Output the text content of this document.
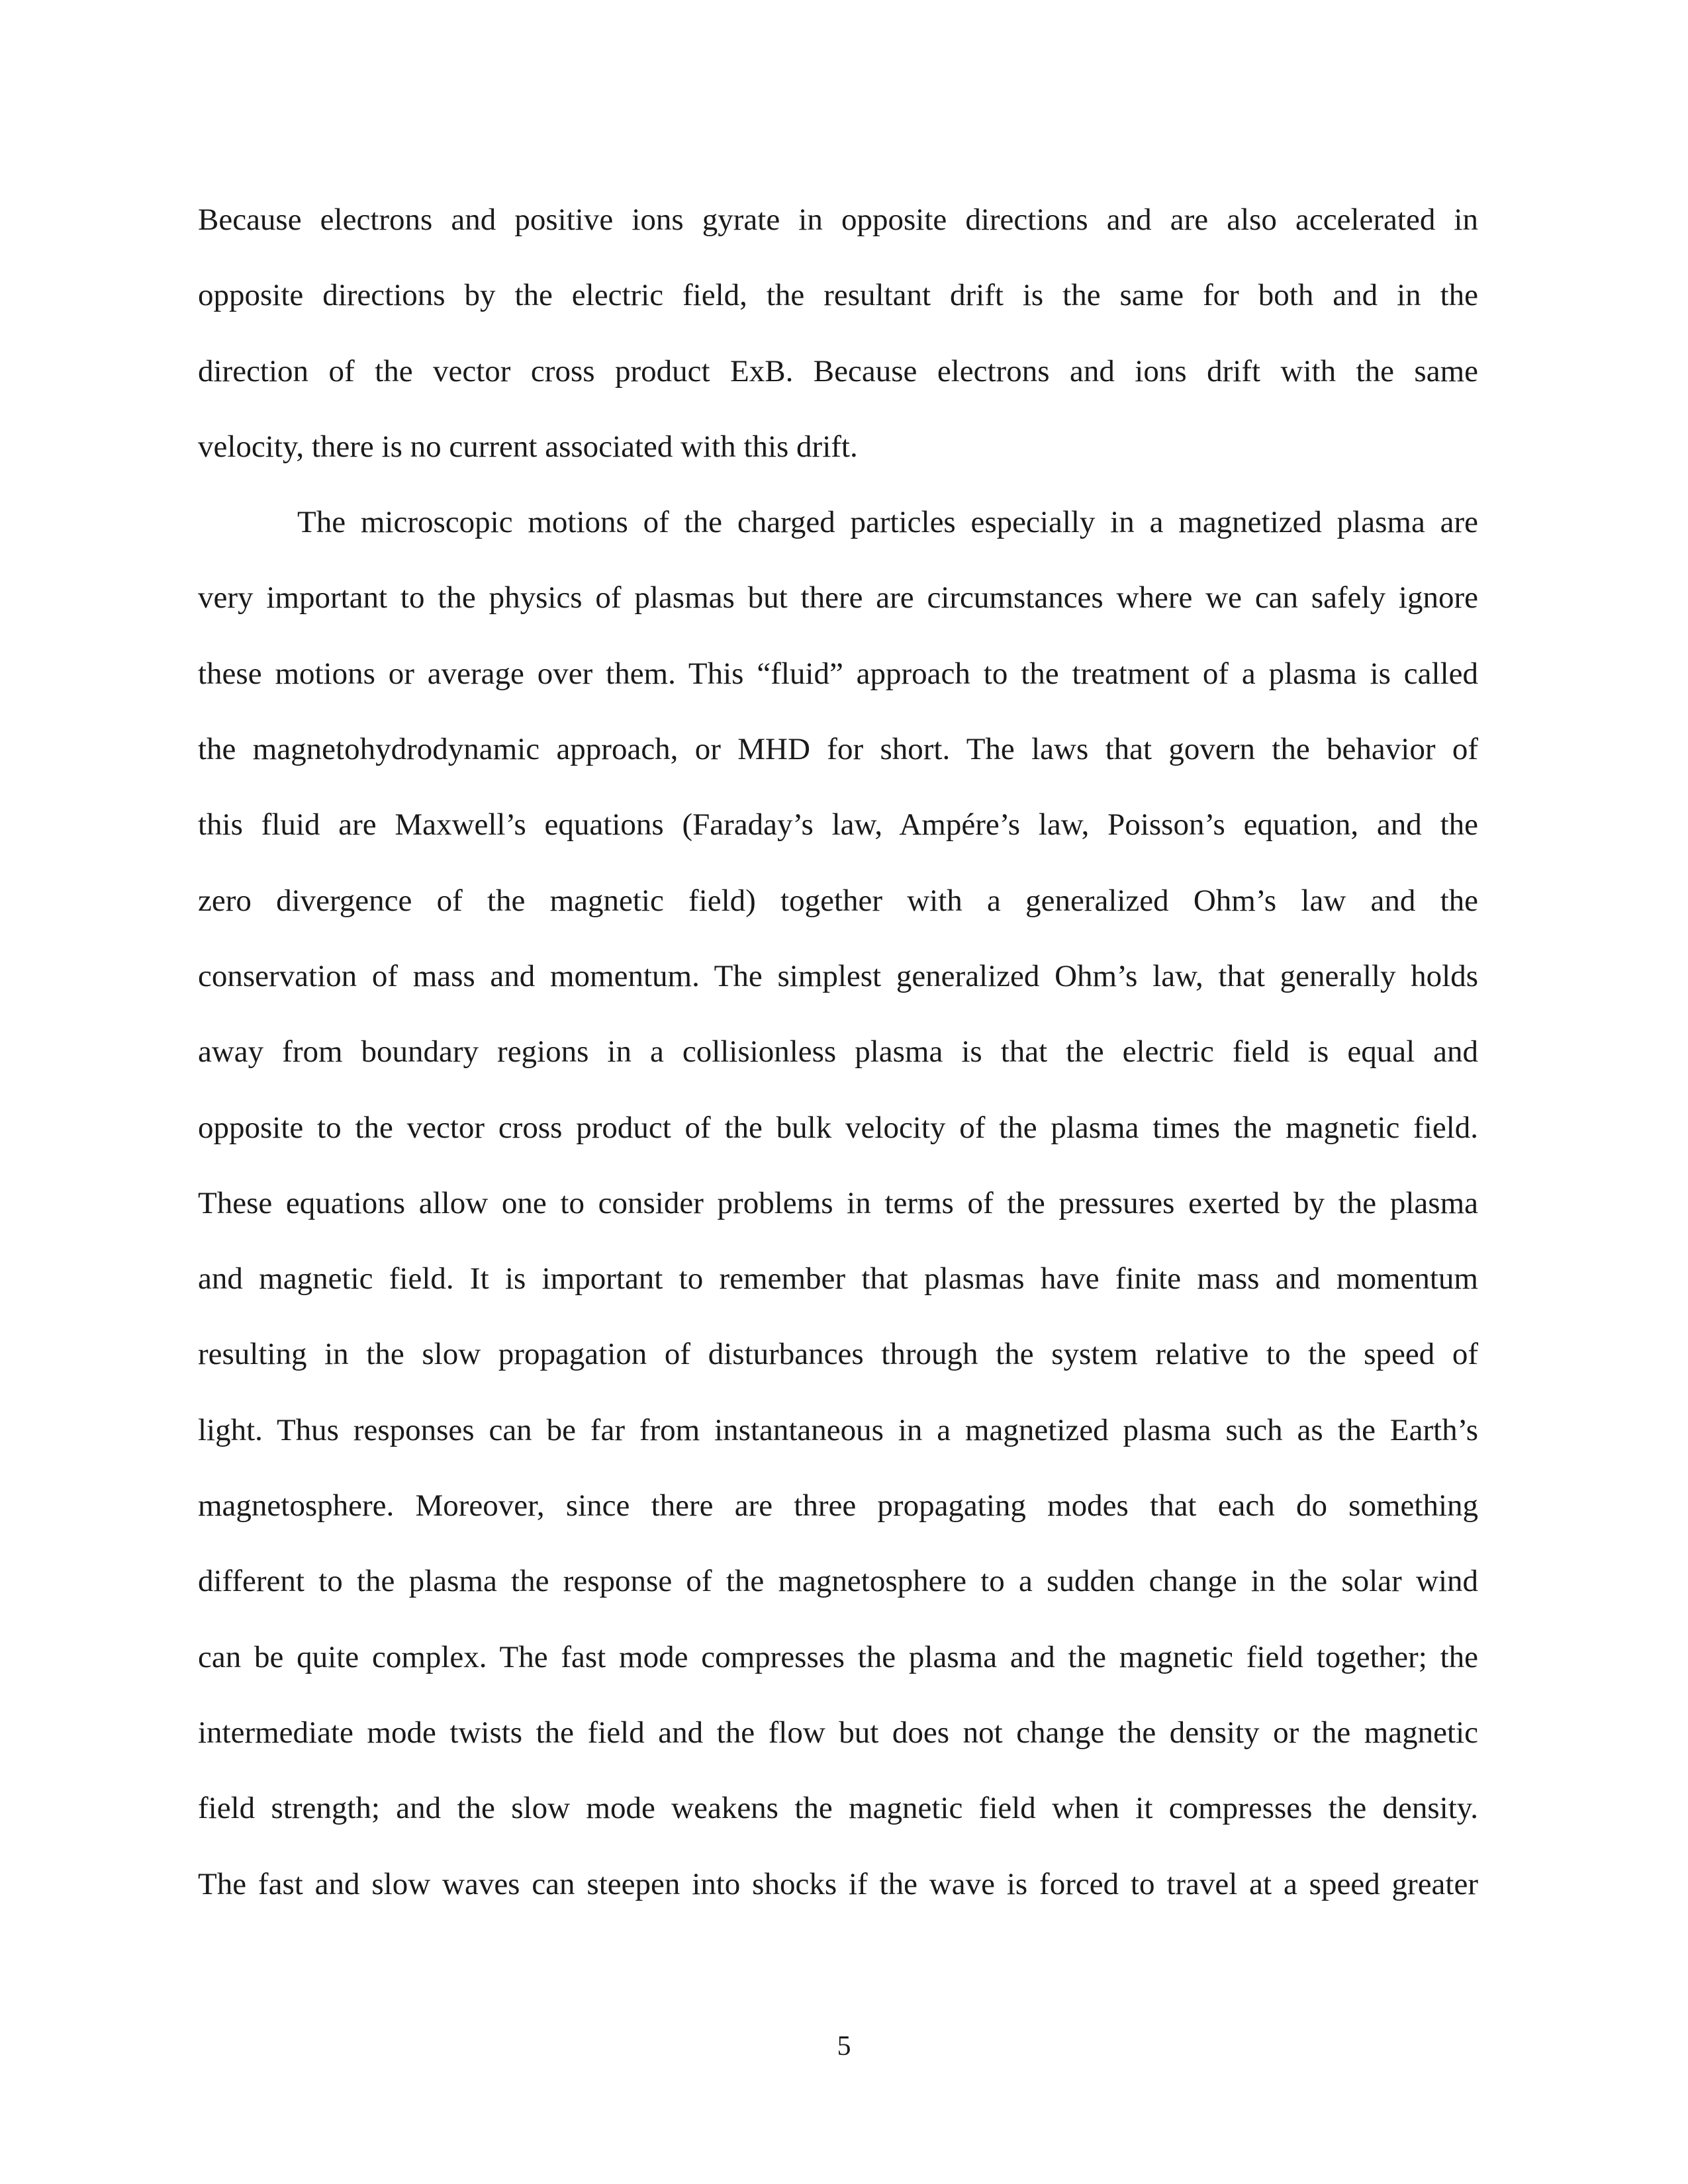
Because electrons and positive ions gyrate in opposite directions and are also accelerated in
opposite directions by the electric field, the resultant drift is the same for both and in the
direction of the vector cross product ExB. Because electrons and ions drift with the same
velocity, there is no current associated with this drift.
The microscopic motions of the charged particles especially in a magnetized plasma are
very important to the physics of plasmas but there are circumstances where we can safely ignore
these motions or average over them. This “fluid” approach to the treatment of a plasma is called
the magnetohydrodynamic approach, or MHD for short. The laws that govern the behavior of
this fluid are Maxwell’s equations (Faraday’s law, Ampére’s law, Poisson’s equation, and the
zero divergence of the magnetic field) together with a generalized Ohm’s law and the
conservation of mass and momentum. The simplest generalized Ohm’s law, that generally holds
away from boundary regions in a collisionless plasma is that the electric field is equal and
opposite to the vector cross product of the bulk velocity of the plasma times the magnetic field.
These equations allow one to consider problems in terms of the pressures exerted by the plasma
and magnetic field. It is important to remember that plasmas have finite mass and momentum
resulting in the slow propagation of disturbances through the system relative to the speed of
light. Thus responses can be far from instantaneous in a magnetized plasma such as the Earth’s
magnetosphere. Moreover, since there are three propagating modes that each do something
different to the plasma the response of the magnetosphere to a sudden change in the solar wind
can be quite complex. The fast mode compresses the plasma and the magnetic field together; the
intermediate mode twists the field and the flow but does not change the density or the magnetic
field strength; and the slow mode weakens the magnetic field when it compresses the density.
The fast and slow waves can steepen into shocks if the wave is forced to travel at a speed greater
5
